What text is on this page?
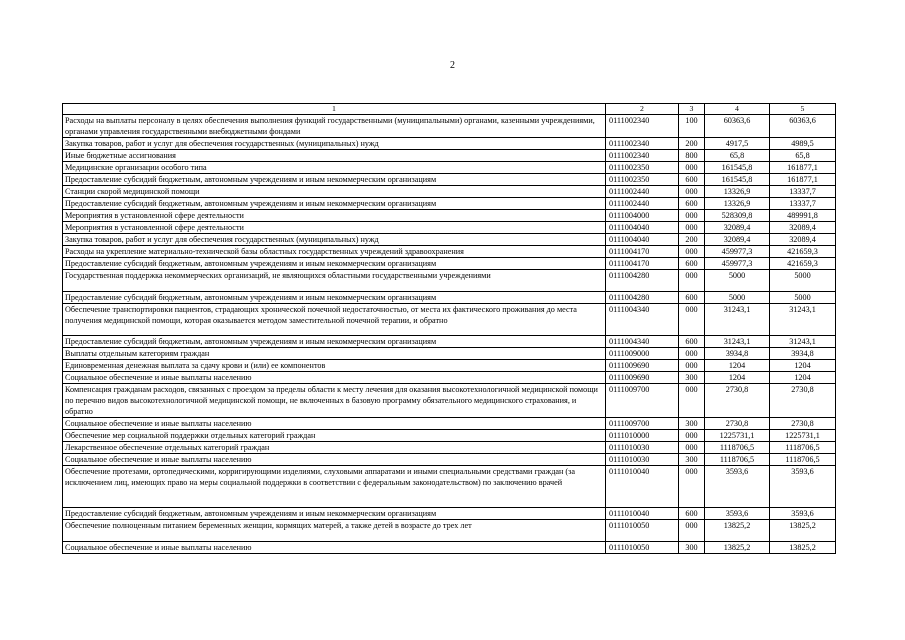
2
1	2	3	4	5
Расходы на выплаты персоналу в целях обеспечения выполнения функций государственными (муниципальными) органами, казенными учреждениями, органами управления государственными внебюджетными фондами	0111002340	100	60363,6	60363,6
Закупка товаров, работ и услуг для обеспечения государственных (муниципальных) нужд	0111002340	200	4917,5	4989,5
Иные бюджетные ассигнования	0111002340	800	65,8	65,8
Медицинские организации особого типа	0111002350	000	161545,8	161877,1
Предоставление субсидий бюджетным, автономным учреждениям и иным некоммерческим организациям	0111002350	600	161545,8	161877,1
Станции скорой медицинской помощи	0111002440	000	13326,9	13337,7
Предоставление субсидий бюджетным, автономным учреждениям и иным некоммерческим организациям	0111002440	600	13326,9	13337,7
Мероприятия в установленной сфере деятельности	0111004000	000	528309,8	489991,8
Мероприятия в установленной сфере деятельности	0111004040	000	32089,4	32089,4
Закупка товаров, работ и услуг для обеспечения государственных (муниципальных) нужд	0111004040	200	32089,4	32089,4
Расходы на укрепление материально-технической базы областных государственных учреждений здравоохранения	0111004170	000	459977,3	421659,3
Предоставление субсидий бюджетным, автономным учреждениям и иным некоммерческим организациям	0111004170	600	459977,3	421659,3
Государственная поддержка некоммерческих организаций, не являющихся областными государственными учреждениями	0111004280	000	5000	5000
Предоставление субсидий бюджетным, автономным учреждениям и иным некоммерческим организациям	0111004280	600	5000	5000
Обеспечение транспортировки пациентов, страдающих хронической почечной недостаточностью, от места их фактического проживания до места получения медицинской помощи, которая оказывается методом заместительной почечной терапии, и обратно	0111004340	000	31243,1	31243,1
Предоставление субсидий бюджетным, автономным учреждениям и иным некоммерческим организациям	0111004340	600	31243,1	31243,1
Выплаты отдельным категориям граждан	0111009000	000	3934,8	3934,8
Единовременная денежная выплата за сдачу крови и (или) ее компонентов	0111009690	000	1204	1204
Социальное обеспечение и иные выплаты населению	0111009690	300	1204	1204
Компенсация гражданам расходов, связанных с проездом за пределы области к месту лечения для оказания высокотехнологичной медицинской помощи по перечню видов высокотехнологичной медицинской помощи, не включенных в базовую программу обязательного медицинского страхования, и обратно	0111009700	000	2730,8	2730,8
Социальное обеспечение и иные выплаты населению	0111009700	300	2730,8	2730,8
Обеспечение мер социальной поддержки отдельных категорий граждан	0111010000	000	1225731,1	1225731,1
Лекарственное обеспечение отдельных категорий граждан	0111010030	000	1118706,5	1118706,5
Социальное обеспечение и иные выплаты населению	0111010030	300	1118706,5	1118706,5
Обеспечение протезами, ортопедическими, корригирующими изделиями, слуховыми аппаратами и иными специальными средствами граждан (за исключением лиц, имеющих право на меры социальной поддержки в соответствии с федеральным законодательством) по заключению врачей	0111010040	000	3593,6	3593,6
Предоставление субсидий бюджетным, автономным учреждениям и иным некоммерческим организациям	0111010040	600	3593,6	3593,6
Обеспечение полноценным питанием беременных женщин, кормящих матерей, а также детей в возрасте до трех лет	0111010050	000	13825,2	13825,2
Социальное обеспечение и иные выплаты населению	0111010050	300	13825,2	13825,2
